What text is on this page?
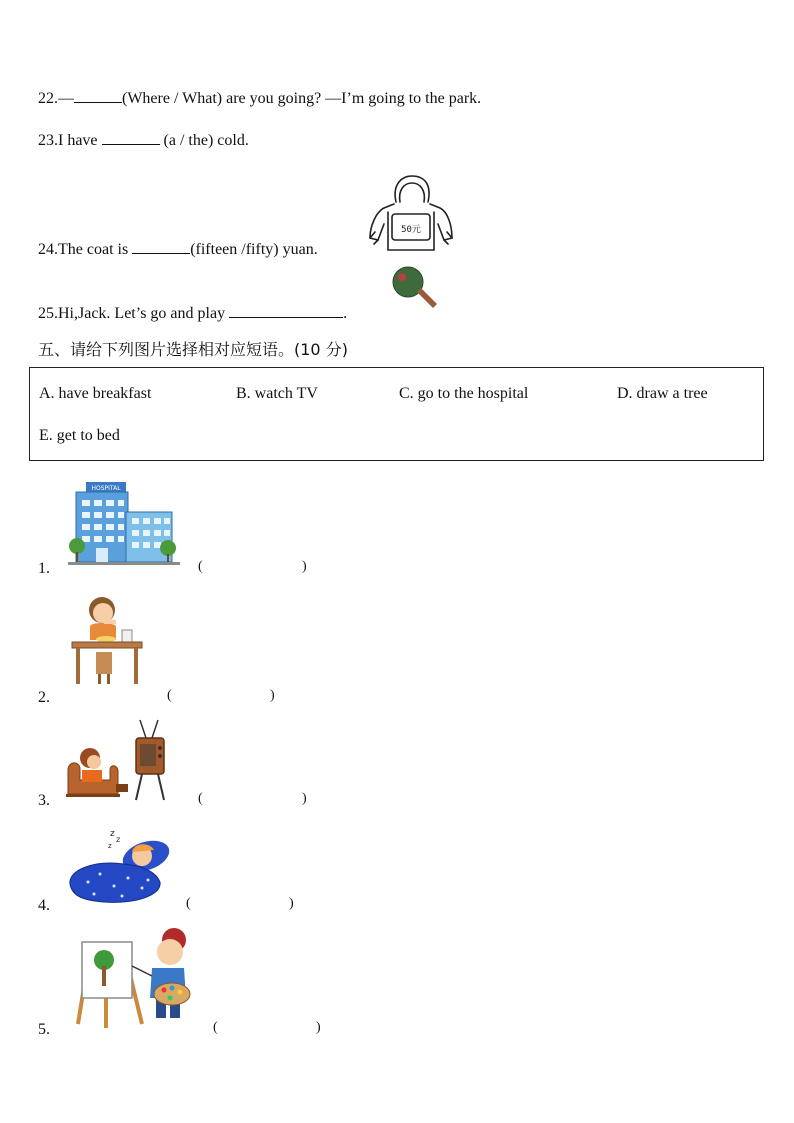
22.—	(Where / What) are you going? —I’m going to the park.
23.I have	(a / the) cold.
24.The coat is	(fifteen /fifty) yuan.
50元
25.Hi,Jack. Let’s go and play	.
五、请给下列图片选择相对应短语。(10 分)
A. have breakfast	B. watch TV	C. go to the hospital	D. draw a tree
E. get to bed
1.
HOSPITAL
(	)
2.	(	)
3.	(	)
4.
z
z
z
(	)
5.	(	)
